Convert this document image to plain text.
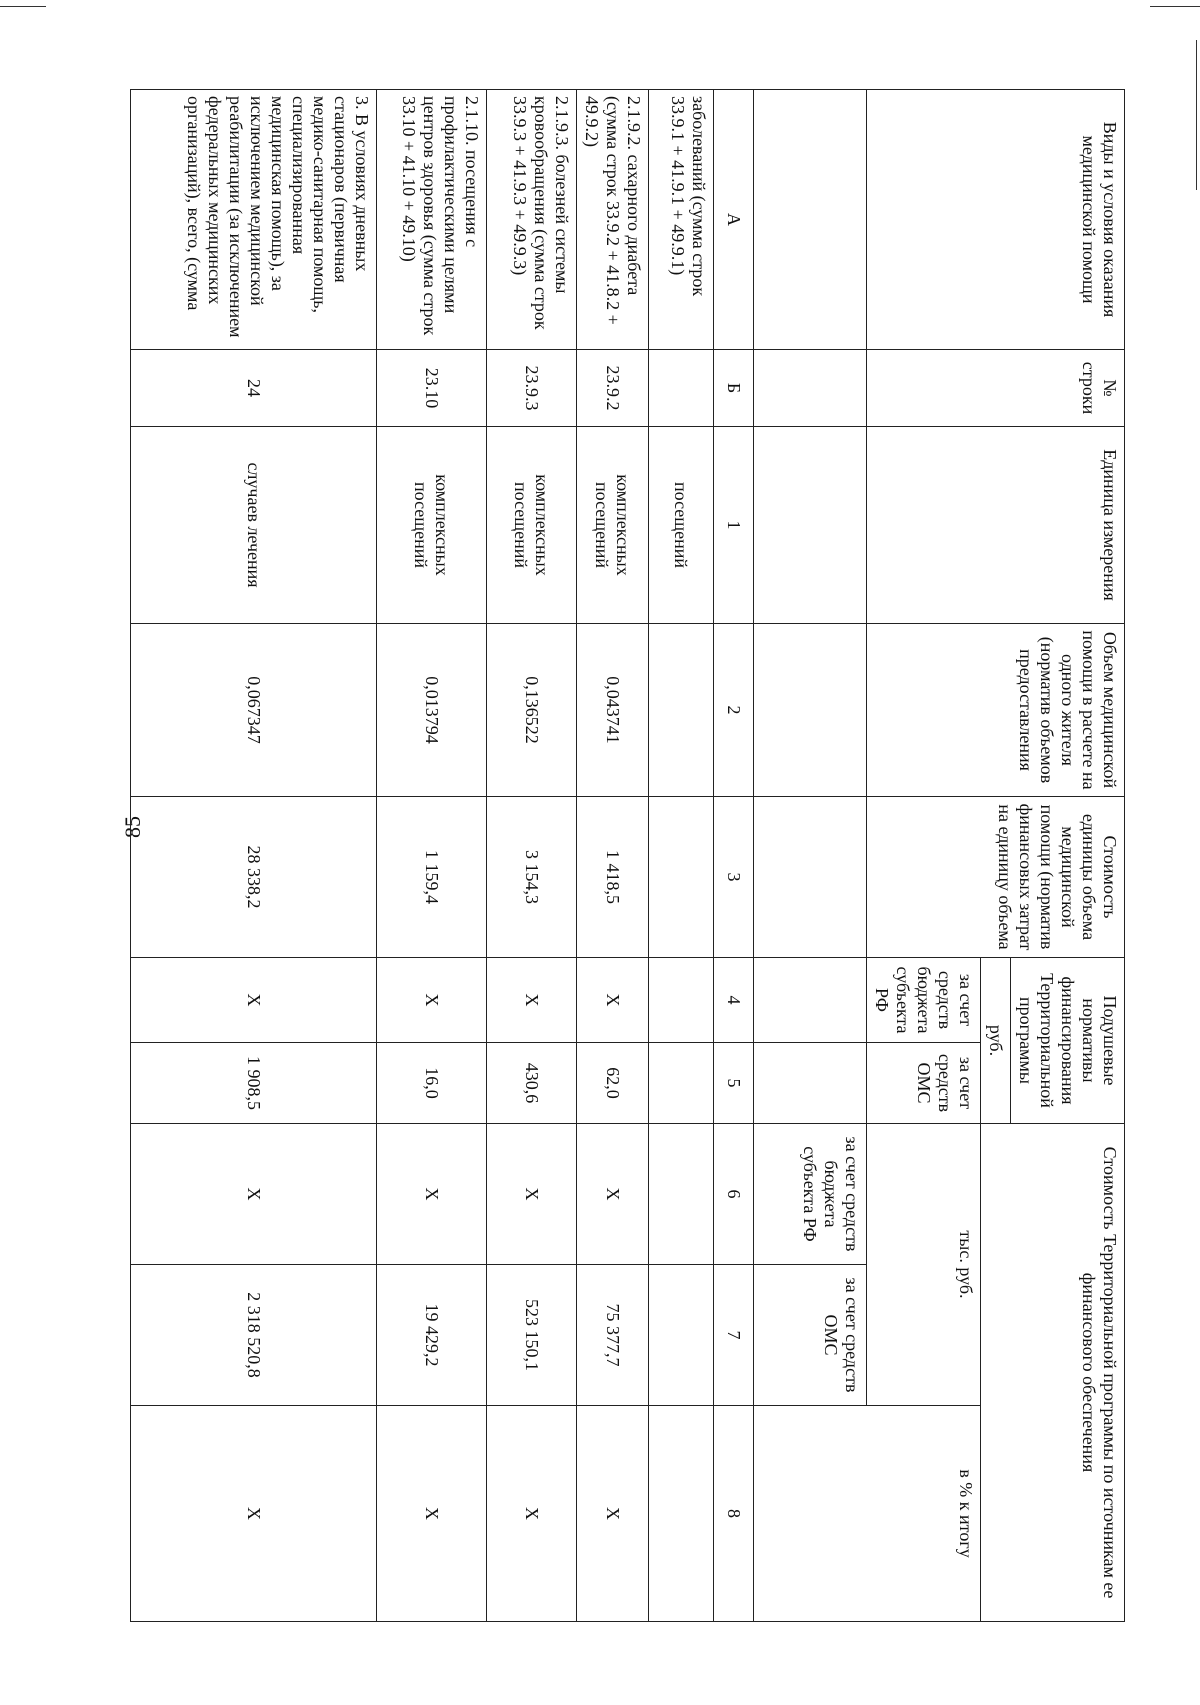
85
Виды и условия оказания медицинской помощи	№ строки	Единица измерения	Объем медицинской помощи в расчете на одного жителя (норматив объемов предоставления	Стоимость единицы объема медицинской помощи (норматив финансовых затрат на единицу объема	Подушевые нормативы финансирования Территориальной программы		Стоимость Территориальной программы по источникам ее финансового обеспечения		
					руб.				
					за счет средств бюджета субъекта РФ	за счет средств ОМС	тыс. руб.		в % к итогу
							за счет средств бюджета субъекта РФ	за счет средств ОМС	
А	Б	1	2	3	4	5	6	7	8
заболеваний (сумма строк 33.9.1 + 41.9.1 + 49.9.1)		посещений							
2.1.9.2. сахарного диабета (сумма строк 33.9.2 + 41.8.2 + 49.9.2)	23.9.2	комплексных посещений	0,043741	1 418,5	Х	62,0	Х	75 377,7	Х
2.1.9.3. болезней системы кровообращения (сумма строк 33.9.3 + 41.9.3 + 49.9.3)	23.9.3	комплексных посещений	0,136522	3 154,3	Х	430,6	Х	523 150,1	Х
2.1.10. посещения с профилактическими целями центров здоровья (сумма строк 33.10 + 41.10 + 49.10)	23.10	комплексных посещений	0,013794	1 159,4	Х	16,0	Х	19 429,2	Х
3. В условиях дневных стационаров (первичная медико-санитарная помощь, специализированная медицинская помощь), за исключением медицинской реабилитации (за исключением федеральных медицинских организаций), всего, (сумма	24	случаев лечения	0,067347	28 338,2	Х	1 908,5	Х	2 318 520,8	Х
